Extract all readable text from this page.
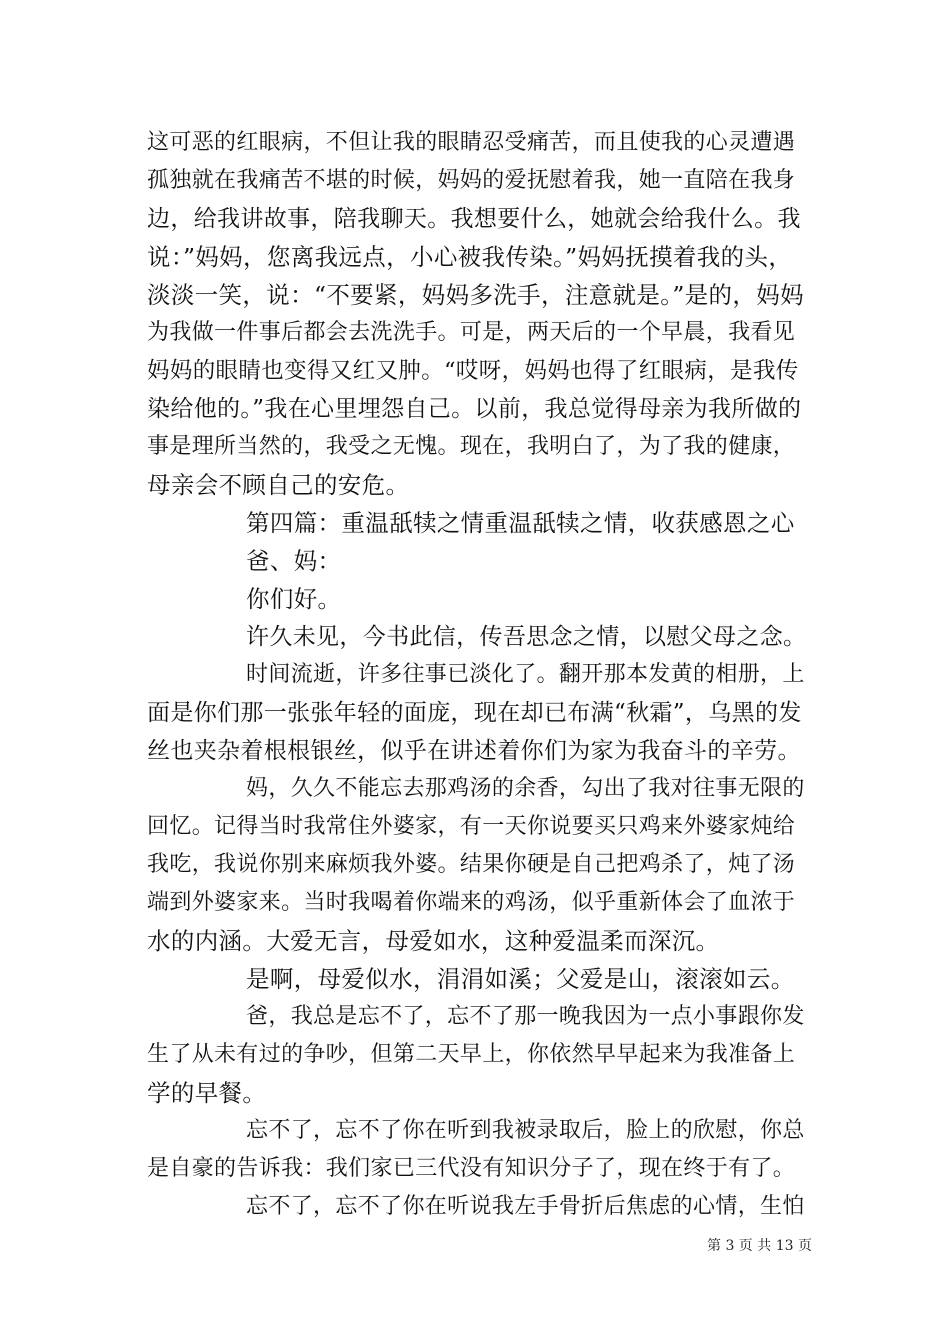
这可恶的红眼病，不但让我的眼睛忍受痛苦，而且使我的心灵遭遇
孤独就在我痛苦不堪的时候，妈妈的爱抚慰着我，她一直陪在我身
边，给我讲故事，陪我聊天。我想要什么，她就会给我什么。我
说：”妈妈，您离我远点，小心被我传染。”妈妈抚摸着我的头，
淡淡一笑，说：“不要紧，妈妈多洗手，注意就是。”是的，妈妈
为我做一件事后都会去洗洗手。可是，两天后的一个早晨，我看见
妈妈的眼睛也变得又红又肿。“哎呀，妈妈也得了红眼病，是我传
染给他的。”我在心里埋怨自己。以前，我总觉得母亲为我所做的
事是理所当然的，我受之无愧。现在，我明白了，为了我的健康，
母亲会不顾自己的安危。
第四篇：重温舐犊之情重温舐犊之情，收获感恩之心
爸、妈：
你们好。
许久未见，今书此信，传吾思念之情，以慰父母之念。
时间流逝，许多往事已淡化了。翻开那本发黄的相册，上
面是你们那一张张年轻的面庞，现在却已布满“秋霜”，乌黑的发
丝也夹杂着根根银丝，似乎在讲述着你们为家为我奋斗的辛劳。
妈，久久不能忘去那鸡汤的余香，勾出了我对往事无限的
回忆。记得当时我常住外婆家，有一天你说要买只鸡来外婆家炖给
我吃，我说你别来麻烦我外婆。结果你硬是自己把鸡杀了，炖了汤
端到外婆家来。当时我喝着你端来的鸡汤，似乎重新体会了血浓于
水的内涵。大爱无言，母爱如水，这种爱温柔而深沉。
是啊，母爱似水，涓涓如溪；父爱是山，滚滚如云。
爸，我总是忘不了，忘不了那一晚我因为一点小事跟你发
生了从未有过的争吵，但第二天早上，你依然早早起来为我准备上
学的早餐。
忘不了，忘不了你在听到我被录取后，脸上的欣慰，你总
是自豪的告诉我：我们家已三代没有知识分子了，现在终于有了。
忘不了，忘不了你在听说我左手骨折后焦虑的心情，生怕
第 3 页 共 13 页
